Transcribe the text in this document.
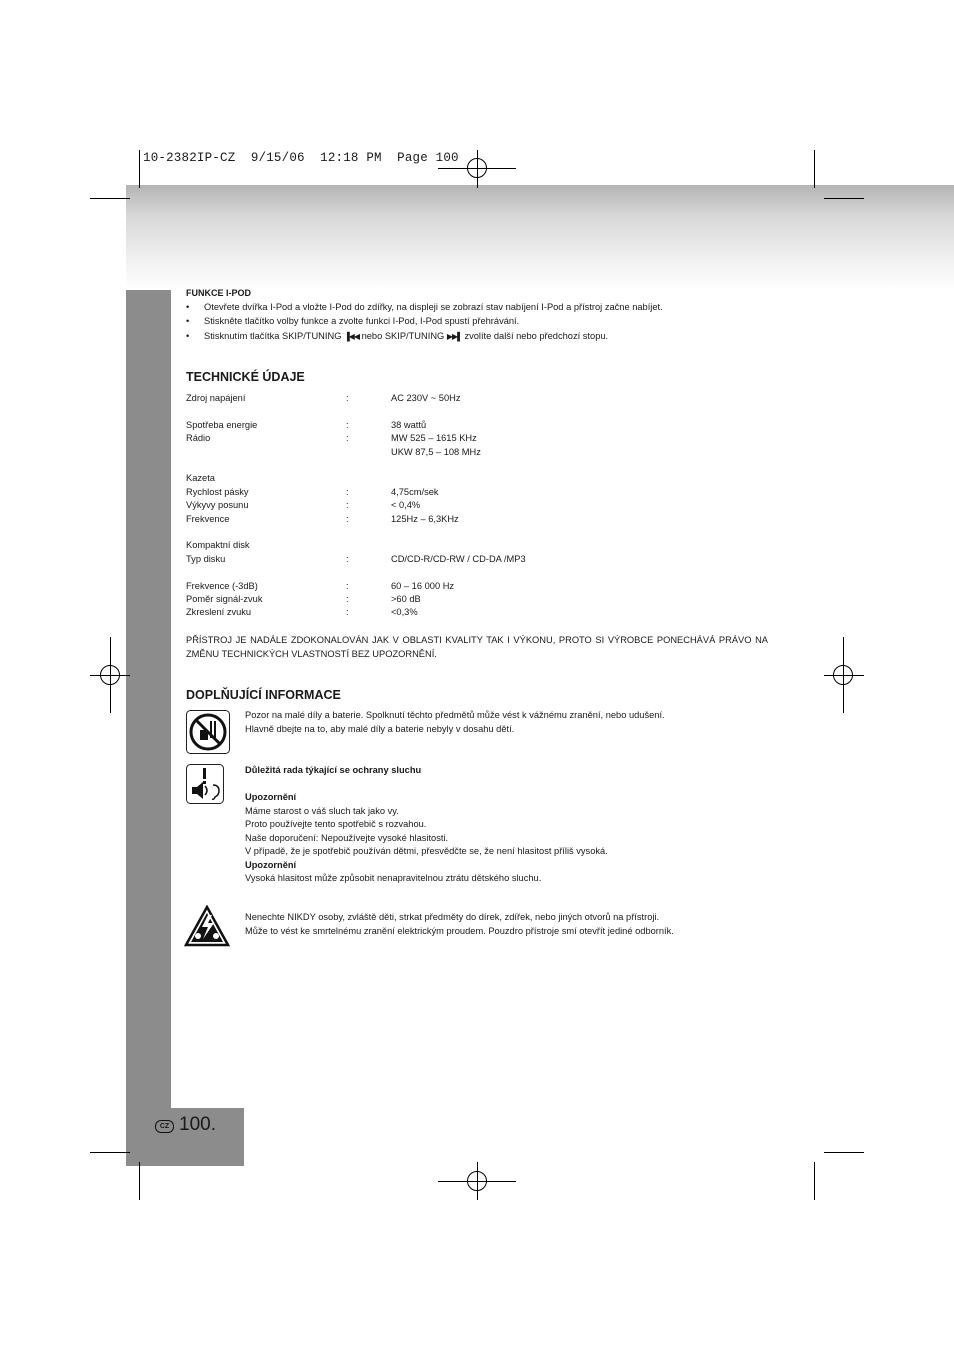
10-2382IP-CZ  9/15/06  12:18 PM  Page 100
CZ 100.
FUNKCE I-POD
• Otevřete dvířka I-Pod a vložte I-Pod do zdířky, na displeji se zobrazí stav nabíjení I-Pod a přístroj začne nabíjet.
• Stiskněte tlačítko volby funkce a zvolte funkci I-Pod, I-Pod spustí přehrávání.
• Stisknutím tlačítka SKIP/TUNING ▐◀◀ nebo SKIP/TUNING ▶▶▌ zvolíte další nebo předchozí stopu.
TECHNICKÉ ÚDAJE
Zdroj napájení	:	AC 230V ~ 50Hz

Spotřeba energie	:	38 wattů
Rádio	:	MW 525 – 1615 KHz
		UKW 87,5 – 108 MHz

Kazeta		
Rychlost pásky	:	4,75cm/sek
Výkyvy posunu	:	< 0,4%
Frekvence	:	125Hz – 6,3KHz

Kompaktní disk		
Typ disku	:	CD/CD-R/CD-RW / CD-DA /MP3

Frekvence (-3dB)	:	60 – 16 000 Hz
Pomĕr signál-zvuk	:	>60 dB
Zkreslení zvuku	:	<0,3%
PŘÍSTROJ JE NADÁLE ZDOKONALOVÁN JAK V OBLASTI KVALITY TAK I VÝKONU, PROTO SI VÝROBCE PONECHÁVÁ PRÁVO NA ZMĚNU TECHNICKÝCH VLASTNOSTÍ BEZ UPOZORNĚNÍ.
DOPLŇUJÍCÍ INFORMACE
Pozor na malé díly a baterie. Spolknutí těchto předmětů může vést k vážnému zranění, nebo udušení.
Hlavně dbejte na to, aby malé díly a baterie nebyly v dosahu dětí.
Důležitá rada týkající se ochrany sluchu
Upozornění
Máme starost o váš sluch tak jako vy.
Proto používejte tento spotřebič s rozvahou.
Naše doporučení: Nepoužívejte vysoké hlasitosti.
V případě, že je spotřebič používán dětmi, přesvědčte se, že není hlasitost příliš vysoká.
Upozornění
Vysoká hlasitost může způsobit nenapravitelnou ztrátu dětského sluchu.
Nenechte NIKDY osoby, zvláště děti, strkat předměty do dírek, zdířek, nebo jiných otvorů na přístroji.
Může to vést ke smrtelnému zranění elektrickým proudem. Pouzdro přístroje smí otevřít jediné odborník.
